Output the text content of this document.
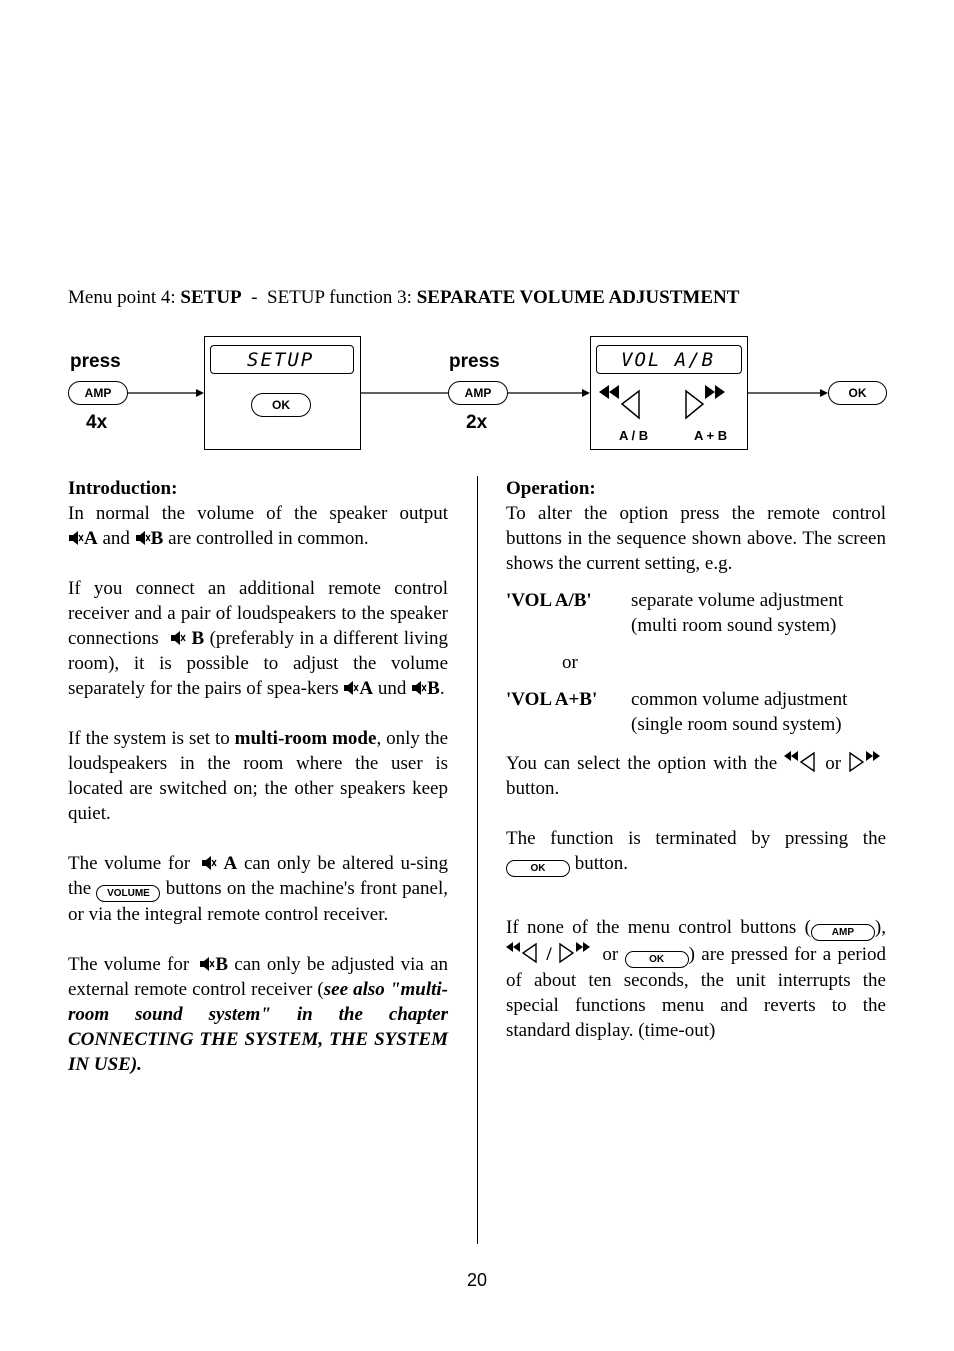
Menu point 4: SETUP  -  SETUP function 3: SEPARATE VOLUME ADJUSTMENT
press
AMP
4x
SETUP
OK
press
AMP
2x
VOL A/B
A / B	A + B
OK

Introduction:

In normal the volume of the speaker output

A and B are controlled in common.

If you connect an additional remote control receiver and a pair of loudspeakers to the speaker connections B (preferably in a different living room), it is possible to adjust the volume separately for the pairs of spea-kers A und B.

If the system is set to multi-room mode, only the loudspeakers in the room where the user is located are switched on; the other speakers keep quiet.

The volume for A can only be altered u-sing the VOLUME buttons on the machine's front panel, or via the integral remote control receiver.

The volume for B can only be adjusted via an external remote control receiver (see also "multi-room sound system" in the chapter CONNECTING THE SYSTEM, THE SYSTEM IN USE).

Operation:

To alter the option press the remote control buttons in the sequence shown above. The screen shows the current setting, e.g.

'VOL A/B'	separate volume adjustment
(multi room sound system)

or

'VOL A+B'	common volume adjustment
(single room sound system)

You can select the option with the	or  button.

The function is terminated by pressing the OK button.

If none of the menu control buttons ( AMP ),  /	or	OK ) are pressed for a period of about ten seconds, the unit interrupts the special functions menu and reverts to the standard display. (time-out)

20
